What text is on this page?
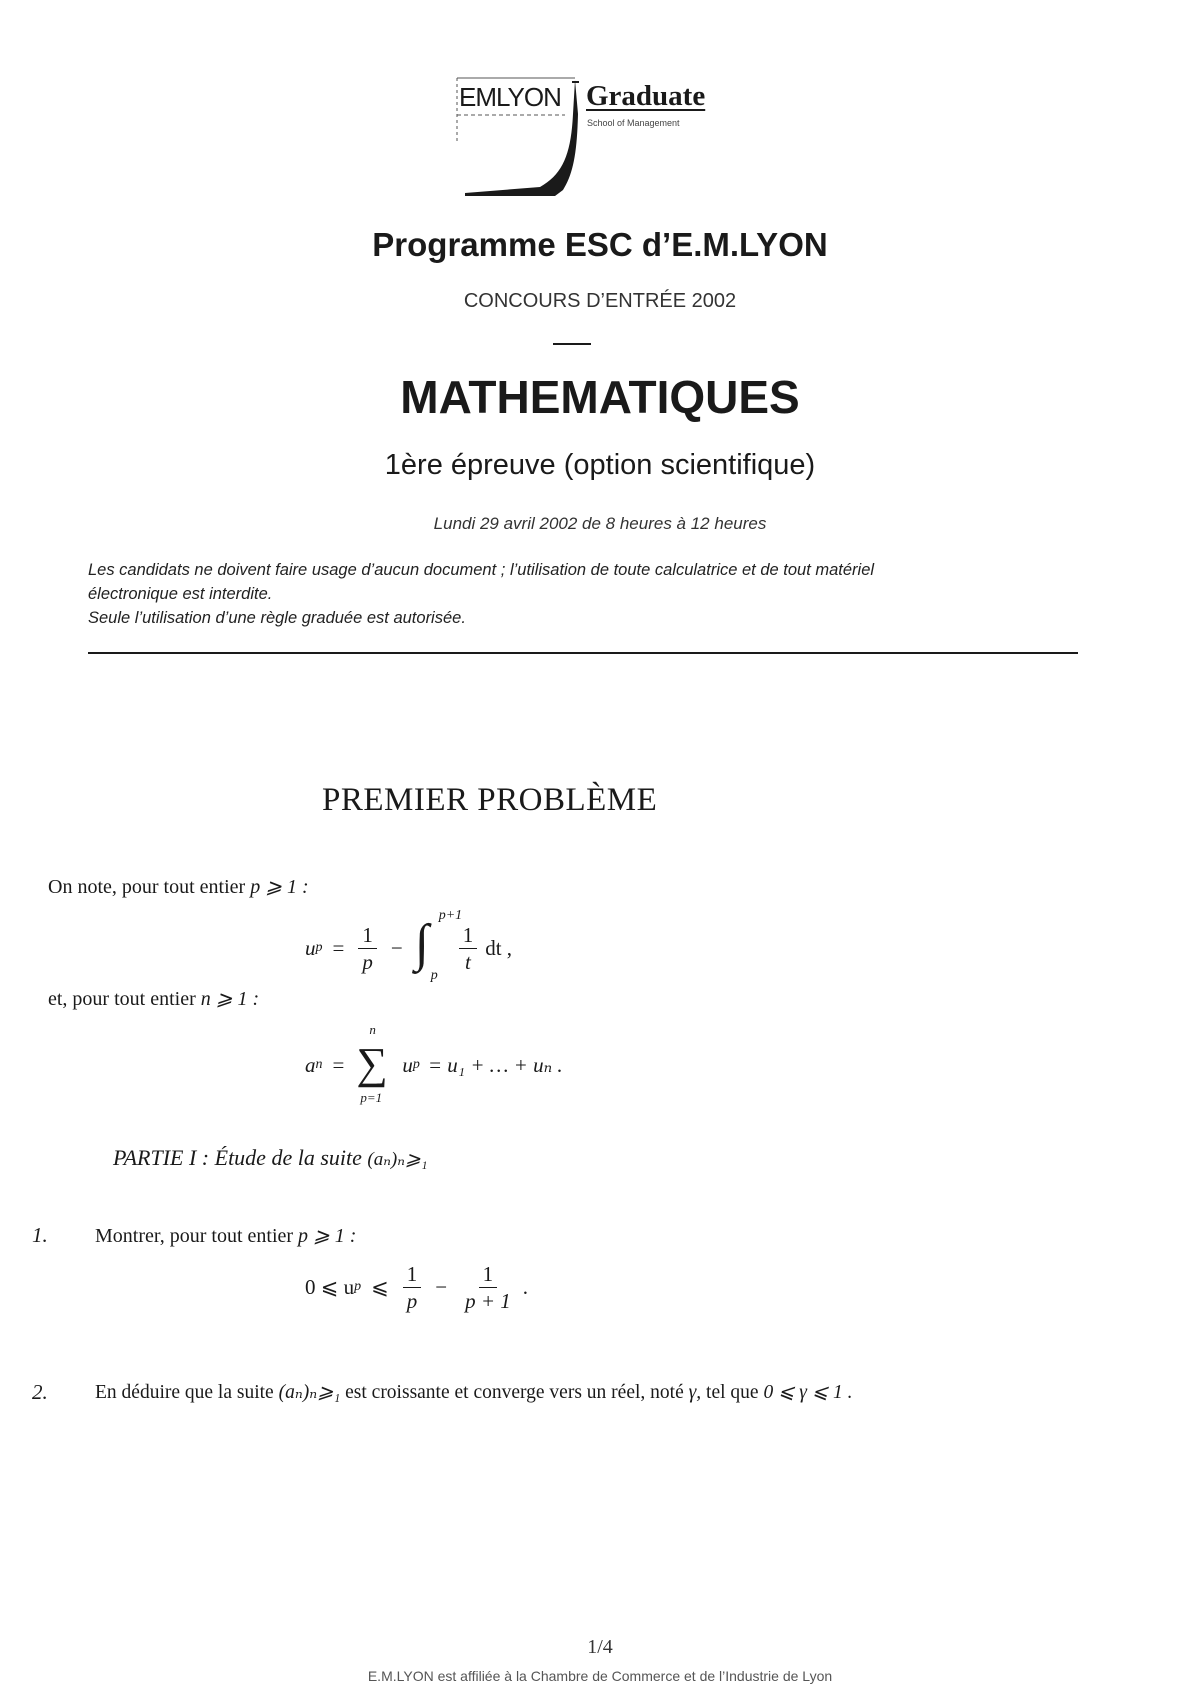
EMLYON Graduate
School of Management
Programme ESC d’E.M.LYON
CONCOURS D’ENTRÉE 2002
MATHEMATIQUES
1ère épreuve (option scientifique)
Lundi 29 avril 2002 de 8 heures à 12 heures
Les candidats ne doivent faire usage d’aucun document ; l’utilisation de toute calculatrice et de tout matériel
électronique est interdite.
Seule l’utilisation d’une règle graduée est autorisée.
PREMIER PROBLÈME
On note, pour tout entier p ⩾ 1 :
u $p = \frac{1}{p}$ − ∫ p+1
p
$\frac{1}{t}$ dt ,
et, pour tout entier n ⩾ 1 :
a n = ∑
n
p=1
u p = u₁ + … + uₙ .
PARTIE I : Étude de la suite (aₙ)ₙ⩾₁
1. Montrer, pour tout entier p ⩾ 1 :
0 ⩽ u p ⩽ $\frac{1}{p} - \frac{1}{p + 1}$ .
2. En déduire que la suite (aₙ)ₙ⩾₁ est croissante et converge vers un réel, noté γ, tel que 0 ⩽ γ ⩽ 1 .
1/4
E.M.LYON est affiliée à la Chambre de Commerce et de l’Industrie de Lyon
